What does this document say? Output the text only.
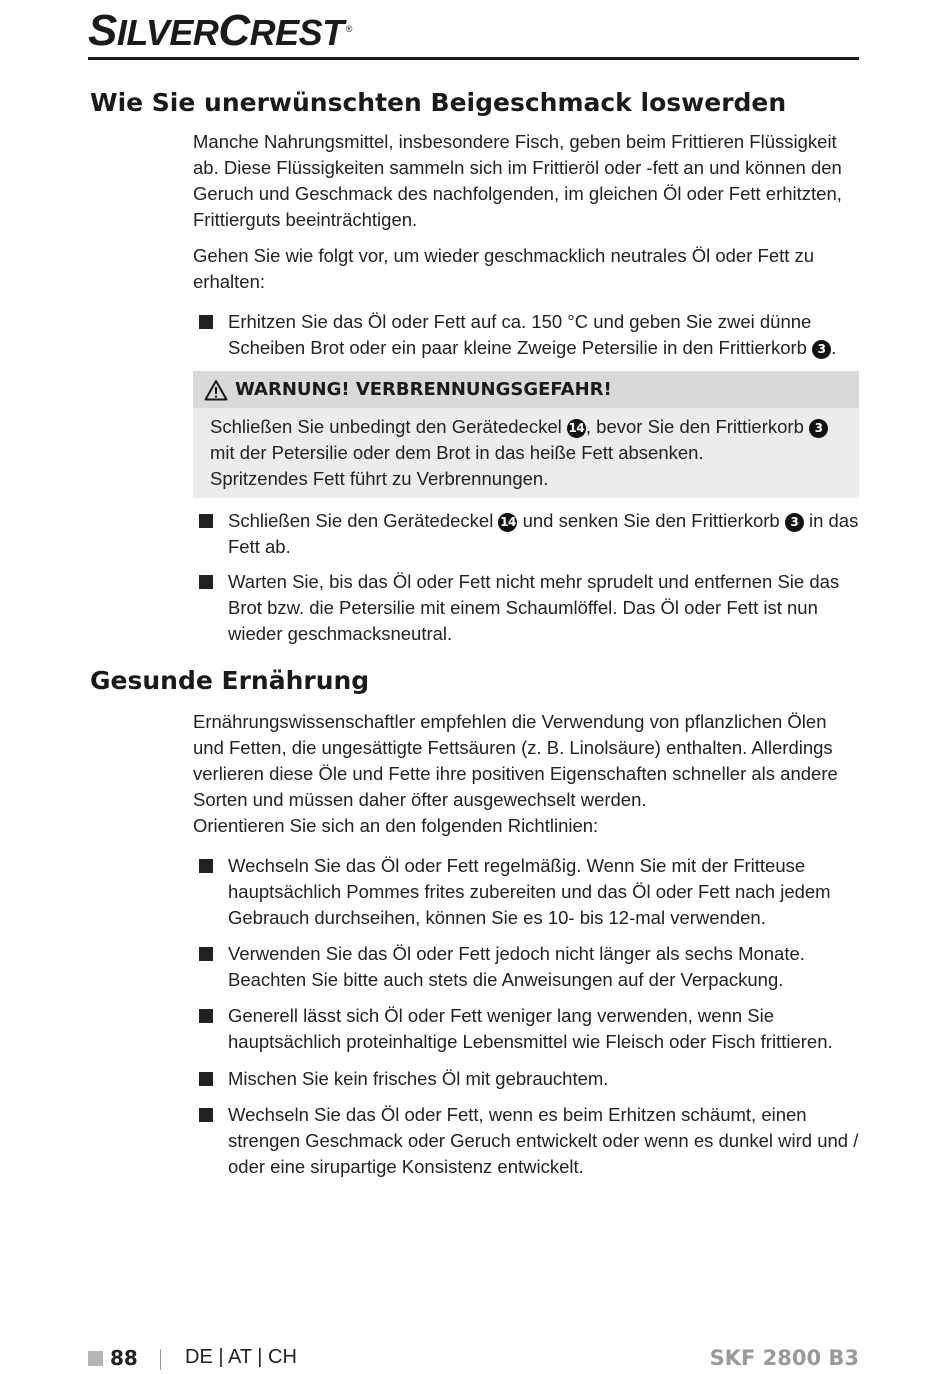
SILVERCREST ®
Wie Sie unerwünschten Beigeschmack loswerden

Manche Nahrungsmittel, insbesondere Fisch, geben beim Frittieren Flüssigkeit ab. Diese Flüssigkeiten sammeln sich im Frittieröl oder -fett an und können den Geruch und Geschmack des nachfolgenden, im gleichen Öl oder Fett erhitzten, Frittierguts beeinträchtigen.

Gehen Sie wie folgt vor, um wieder geschmacklich neutrales Öl oder Fett zu erhalten:

Erhitzen Sie das Öl oder Fett auf ca. 150 °C und geben Sie zwei dünne Scheiben Brot oder ein paar kleine Zweige Petersilie in den Frittierkorb 3 .
WARNUNG! VERBRENNUNGSGEFAHR!
Schließen Sie unbedingt den Gerätedeckel 14, bevor Sie den Frittierkorb 3
mit der Petersilie oder dem Brot in das heiße Fett absenken.
Spritzendes Fett führt zu Verbrennungen.
Schließen Sie den Gerätedeckel 14 und senken Sie den Frittierkorb 3 in das Fett ab.
Warten Sie, bis das Öl oder Fett nicht mehr sprudelt und entfernen Sie das Brot bzw. die Petersilie mit einem Schaumlöffel. Das Öl oder Fett ist nun wieder geschmacksneutral.
Gesunde Ernährung

Ernährungswissenschaftler empfehlen die Verwendung von pflanzlichen Ölen und Fetten, die ungesättigte Fettsäuren (z. B. Linolsäure) enthalten. Allerdings verlieren diese Öle und Fette ihre positiven Eigenschaften schneller als andere Sorten und müssen daher öfter ausgewechselt werden.

Orientieren Sie sich an den folgenden Richtlinien:

Wechseln Sie das Öl oder Fett regelmäßig. Wenn Sie mit der Fritteuse hauptsächlich Pommes frites zubereiten und das Öl oder Fett nach jedem Gebrauch durchseihen, können Sie es 10- bis 12-mal verwenden.
Verwenden Sie das Öl oder Fett jedoch nicht länger als sechs Monate. Beachten Sie bitte auch stets die Anweisungen auf der Verpackung.
Generell lässt sich Öl oder Fett weniger lang verwenden, wenn Sie hauptsächlich proteinhaltige Lebensmittel wie Fleisch oder Fisch frittieren.
Mischen Sie kein frisches Öl mit gebrauchtem.
Wechseln Sie das Öl oder Fett, wenn es beim Erhitzen schäumt, einen strengen Geschmack oder Geruch entwickelt oder wenn es dunkel wird und / oder eine sirupartige Konsistenz entwickelt.
88 DE | AT | CH	SKF 2800 B3
